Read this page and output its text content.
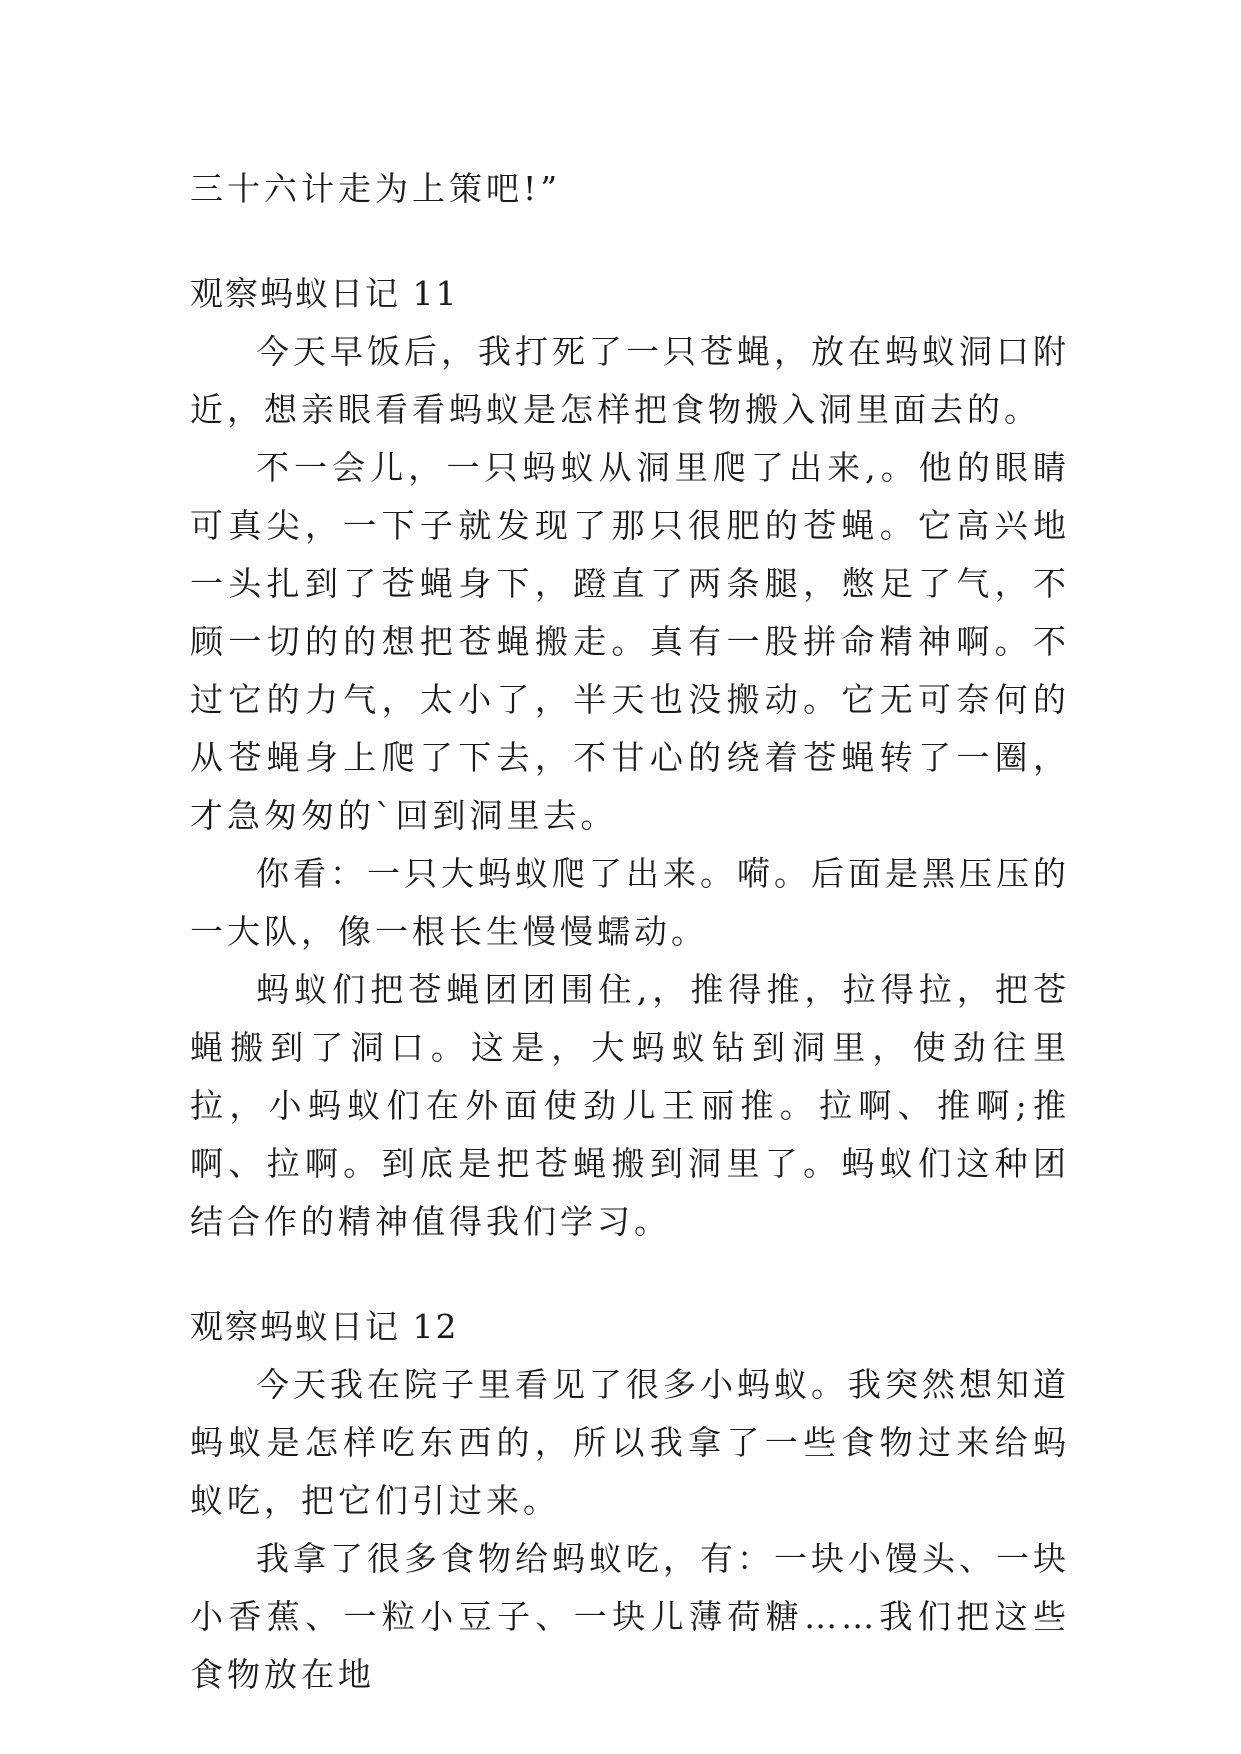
三十六计走为上策吧!”

观察蚂蚁日记 11

今天早饭后，我打死了一只苍蝇，放在蚂蚁洞口附近，想亲眼看看蚂蚁是怎样把食物搬入洞里面去的。

不一会儿，一只蚂蚁从洞里爬了出来,。他的眼睛可真尖，一下子就发现了那只很肥的苍蝇。它高兴地一头扎到了苍蝇身下，蹬直了两条腿，憋足了气，不顾一切的的想把苍蝇搬走。真有一股拼命精神啊。不过它的力气，太小了，半天也没搬动。它无可奈何的从苍蝇身上爬了下去，不甘心的绕着苍蝇转了一圈，才急匆匆的`回到洞里去。

你看：一只大蚂蚁爬了出来。嗬。后面是黑压压的一大队，像一根长生慢慢蠕动。

蚂蚁们把苍蝇团团围住,，推得推，拉得拉，把苍蝇搬到了洞口。这是，大蚂蚁钻到洞里，使劲往里拉，小蚂蚁们在外面使劲儿王丽推。拉啊、推啊;推啊、拉啊。到底是把苍蝇搬到洞里了。蚂蚁们这种团结合作的精神值得我们学习。

观察蚂蚁日记 12

今天我在院子里看见了很多小蚂蚁。我突然想知道蚂蚁是怎样吃东西的，所以我拿了一些食物过来给蚂蚁吃，把它们引过来。

我拿了很多食物给蚂蚁吃，有：一块小馒头、一块小香蕉、一粒小豆子、一块儿薄荷糖……我们把这些食物放在地
